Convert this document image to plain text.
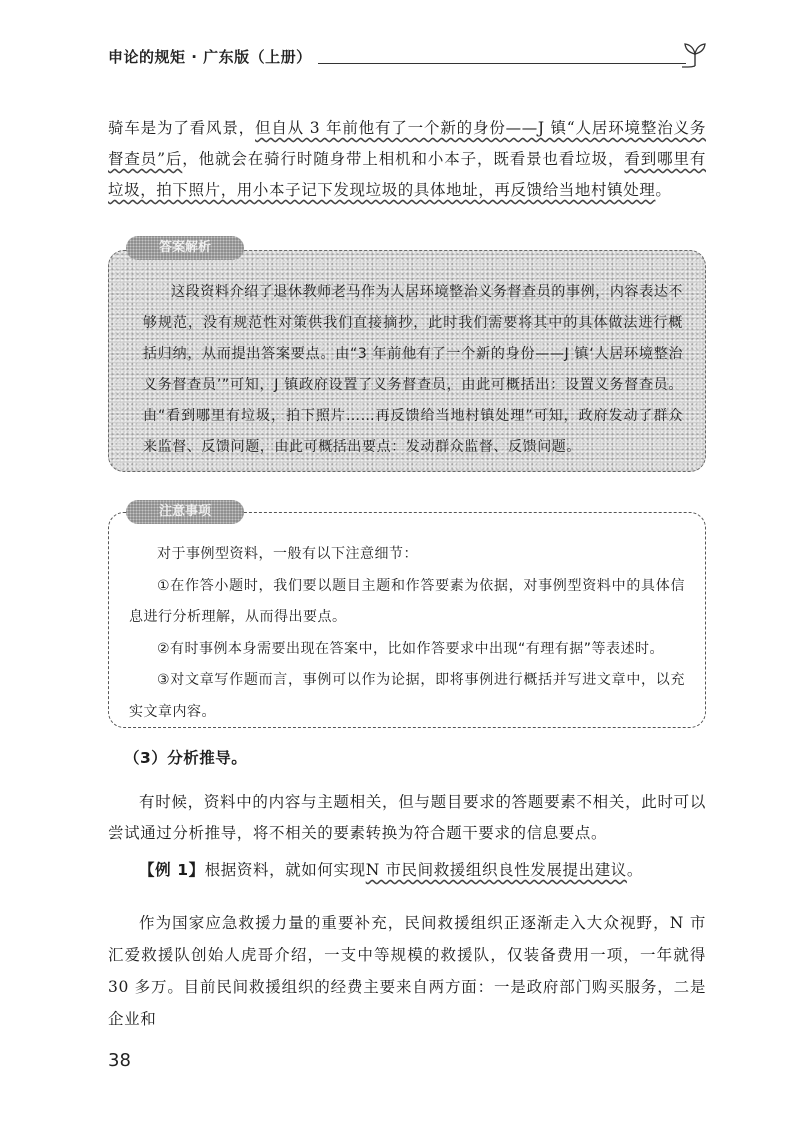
申论的规矩 · 广东版（上册）

骑车是为了看风景，但自从 3 年前他有了一个新的身份——J 镇“人居环境整治义务督查员”后，他就会在骑行时随身带上相机和小本子，既看景也看垃圾，看到哪里有垃圾，拍下照片，用小本子记下发现垃圾的具体地址，再反馈给当地村镇处理。

这段资料介绍了退休教师老马作为人居环境整治义务督查员的事例，内容表达不够规范，没有规范性对策供我们直接摘抄，此时我们需要将其中的具体做法进行概括归纳，从而提出答案要点。由“3 年前他有了一个新的身份——J 镇‘人居环境整治义务督查员’”可知，J 镇政府设置了义务督查员，由此可概括出：设置义务督查员。由“看到哪里有垃圾，拍下照片……再反馈给当地村镇处理”可知，政府发动了群众来监督、反馈问题，由此可概括出要点：发动群众监督、反馈问题。

答案解析

对于事例型资料，一般有以下注意细节：

①在作答小题时，我们要以题目主题和作答要素为依据，对事例型资料中的具体信息进行分析理解，从而得出要点。

②有时事例本身需要出现在答案中，比如作答要求中出现“有理有据”等表述时。

③对文章写作题而言，事例可以作为论据，即将事例进行概括并写进文章中，以充实文章内容。

注意事项
（3）分析推导。

有时候，资料中的内容与主题相关，但与题目要求的答题要素不相关，此时可以尝试通过分析推导，将不相关的要素转换为符合题干要求的信息要点。

【例 1】根据资料，就如何实现N 市民间救援组织良性发展提出建议。

作为国家应急救援力量的重要补充，民间救援组织正逐渐走入大众视野，N 市汇爱救援队创始人虎哥介绍，一支中等规模的救援队，仅装备费用一项，一年就得 30 多万。目前民间救援组织的经费主要来自两方面：一是政府部门购买服务，二是企业和

38
